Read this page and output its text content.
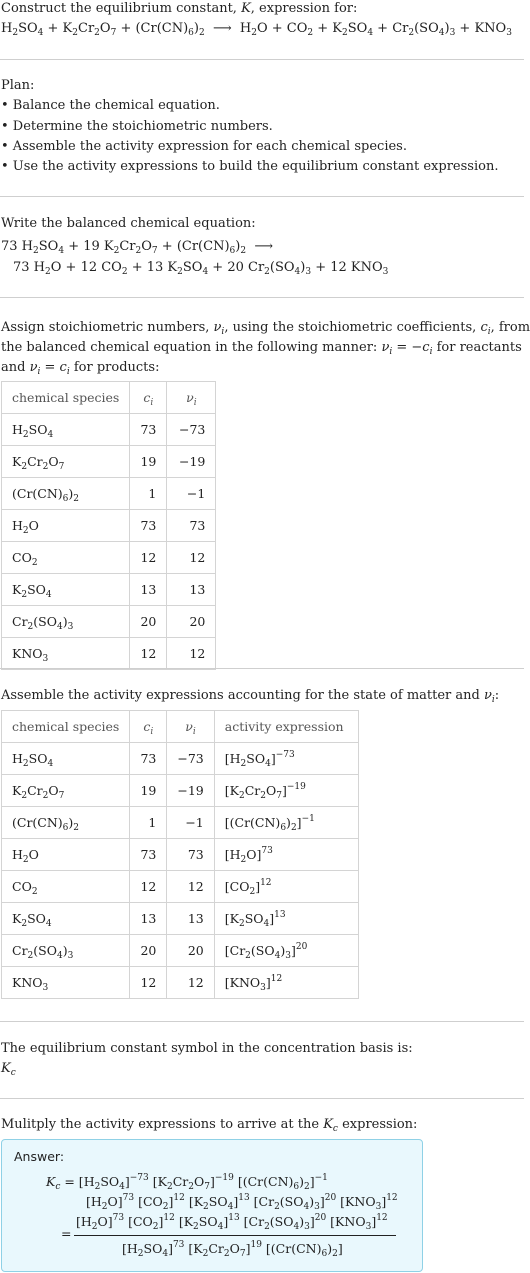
Construct the equilibrium constant, K, expression for:
$H_2SO_4 + K_2Cr_2O_7 + (Cr(CN)_6)_2$  ⟶  $H_2O + CO_2 + K_2SO_4 + Cr_2(SO_4)_3 + KNO_3$
Plan:
• Balance the chemical equation.
• Determine the stoichiometric numbers.
• Assemble the activity expression for each chemical species.
• Use the activity expressions to build the equilibrium constant expression.
Write the balanced chemical equation:
73 $H_2SO_4 + 19$ $K_2Cr_2O_7 + (Cr(CN)_6)_2$  ⟶
73 $H_2O + 12$ $CO_2 + 13$ $K_2SO_4 + 20$ $Cr_2(SO_4)_3 + 12$ $KNO_3$
Assign stoichiometric numbers, $\nu_i$, using the stoichiometric coefficients, $c_i$, from
the balanced chemical equation in the following manner: $\nu_i = -c_i$ for reactants
and $\nu_i = c_i$ for products:
chemical species	$c_i$	$\nu_i$
$H_2SO_4$	73	−73
$K_2Cr_2O_7$	19	−19
$(Cr(CN)_6)_2$	1	−1
$H_2O$	73	73
$CO_2$	12	12
$K_2SO_4$	13	13
$Cr_2(SO_4)_3$	20	20
$KNO_3$	12	12
Assemble the activity expressions accounting for the state of matter and $\nu_i$:
chemical species	$c_i$	$\nu_i$	activity expression
$H_2SO_4$	73	−73	$[H_2SO_4]^{-73}$
$K_2Cr_2O_7$	19	−19	$[K_2Cr_2O_7]^{-19}$
$(Cr(CN)_6)_2$	1	−1	$[(Cr(CN)_6)_2]^{-1}$
$H_2O$	73	73	$[H_2O]^{73}$
$CO_2$	12	12	$[CO_2]^{12}$
$K_2SO_4$	13	13	$[K_2SO_4]^{13}$
$Cr_2(SO_4)_3$	20	20	$[Cr_2(SO_4)_3]^{20}$
$KNO_3$	12	12	$[KNO_3]^{12}$
The equilibrium constant symbol in the concentration basis is:
$K_c$
Mulitply the activity expressions to arrive at the $K_c$ expression:
Answer:
$K_c = [H_2SO_4]^{-73}$ $[K_2Cr_2O_7]^{-19}$ $[(Cr(CN)_6)_2]^{-1}$
$[H_2O]^{73}$ $[CO_2]^{12}$ $[K_2SO_4]^{13}$ $[Cr_2(SO_4)_3]^{20}$ $[KNO_3]^{12}$
=
$[H_2O]^{73}$ $[CO_2]^{12}$ $[K_2SO_4]^{13}$ $[Cr_2(SO_4)_3]^{20}$ $[KNO_3]^{12}$
$[H_2SO_4]^{73}$ $[K_2Cr_2O_7]^{19}$ $[(Cr(CN)_6)_2]$
